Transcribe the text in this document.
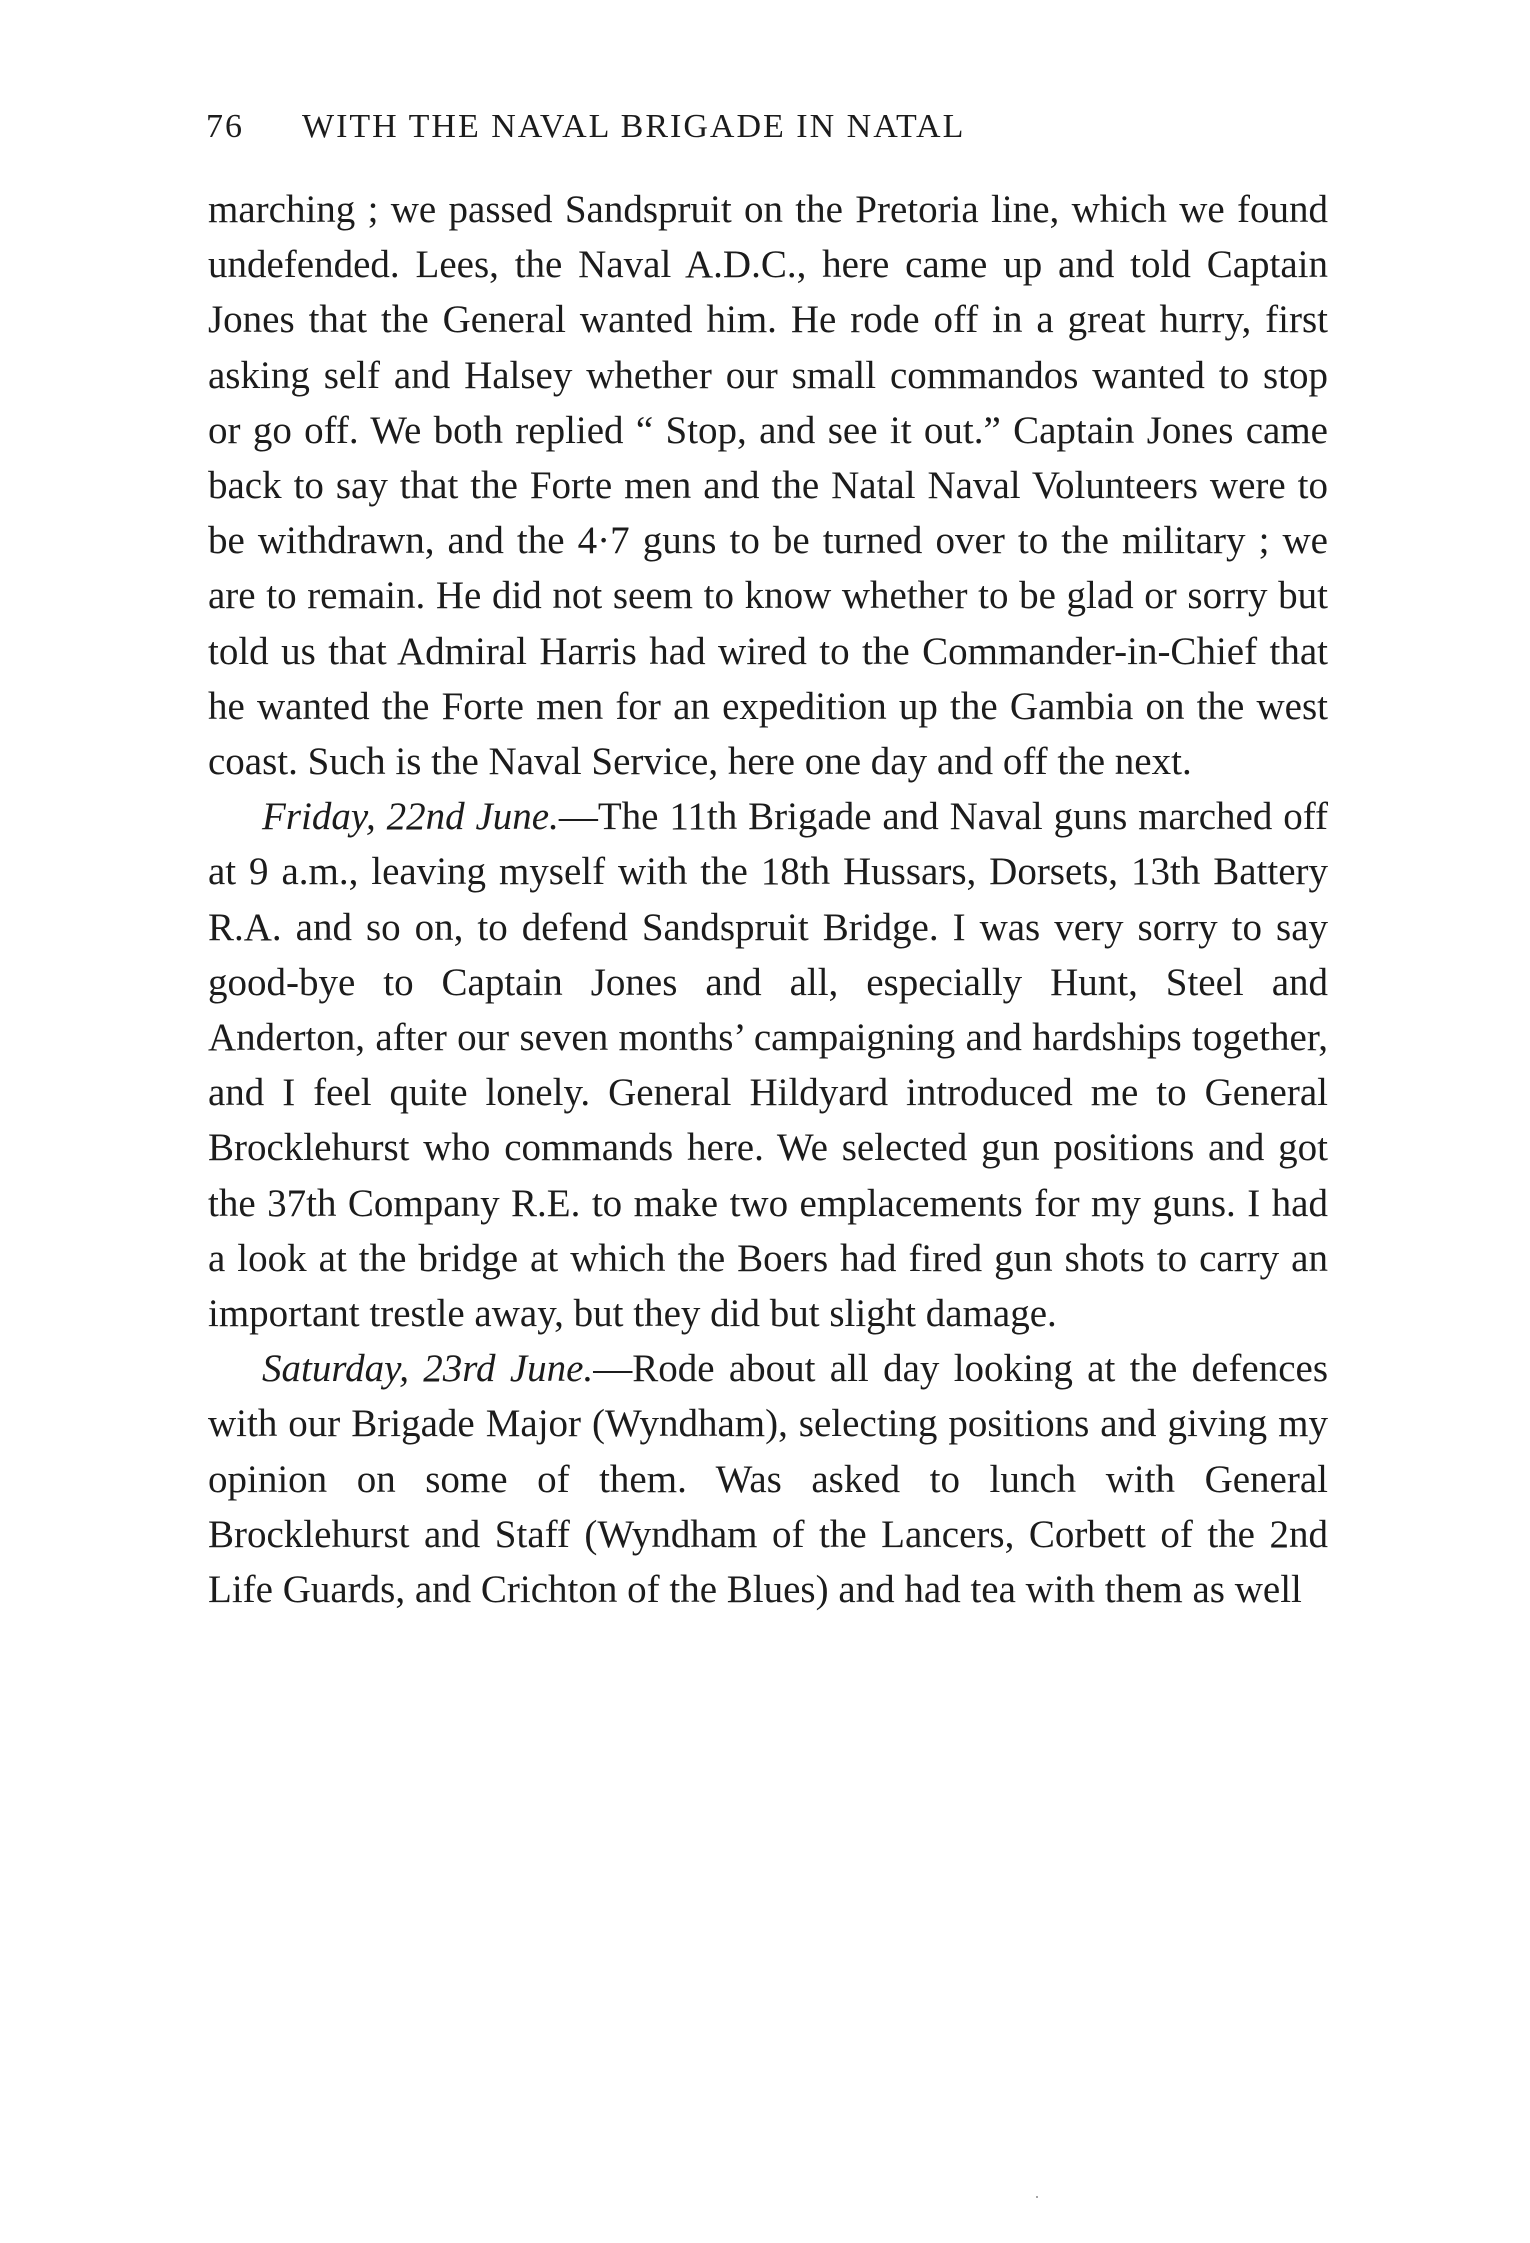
76 WITH THE NAVAL BRIGADE IN NATAL

marching ; we passed Sandspruit on the Pretoria line, which we found undefended. Lees, the Naval A.D.C., here came up and told Captain Jones that the General wanted him. He rode off in a great hurry, first asking self and Halsey whether our small commandos wanted to stop or go off. We both replied “ Stop, and see it out.” Captain Jones came back to say that the Forte men and the Natal Naval Volunteers were to be withdrawn, and the 4·7 guns to be turned over to the military ; we are to remain. He did not seem to know whether to be glad or sorry but told us that Admiral Harris had wired to the Commander-in-Chief that he wanted the Forte men for an expedition up the Gambia on the west coast. Such is the Naval Service, here one day and off the next.

Friday, 22nd June.—The 11th Brigade and Naval guns marched off at 9 a.m., leaving myself with the 18th Hussars, Dorsets, 13th Battery R.A. and so on, to defend Sandspruit Bridge. I was very sorry to say good-bye to Captain Jones and all, especially Hunt, Steel and Anderton, after our seven months’ campaigning and hardships together, and I feel quite lonely. General Hildyard introduced me to General Brocklehurst who commands here. We selected gun positions and got the 37th Company R.E. to make two emplacements for my guns. I had a look at the bridge at which the Boers had fired gun shots to carry an important trestle away, but they did but slight damage.

Saturday, 23rd June.—Rode about all day looking at the defences with our Brigade Major (Wyndham), selecting positions and giving my opinion on some of them. Was asked to lunch with General Brocklehurst and Staff (Wyndham of the Lancers, Corbett of the 2nd Life Guards, and Crichton of the Blues) and had tea with them as well
